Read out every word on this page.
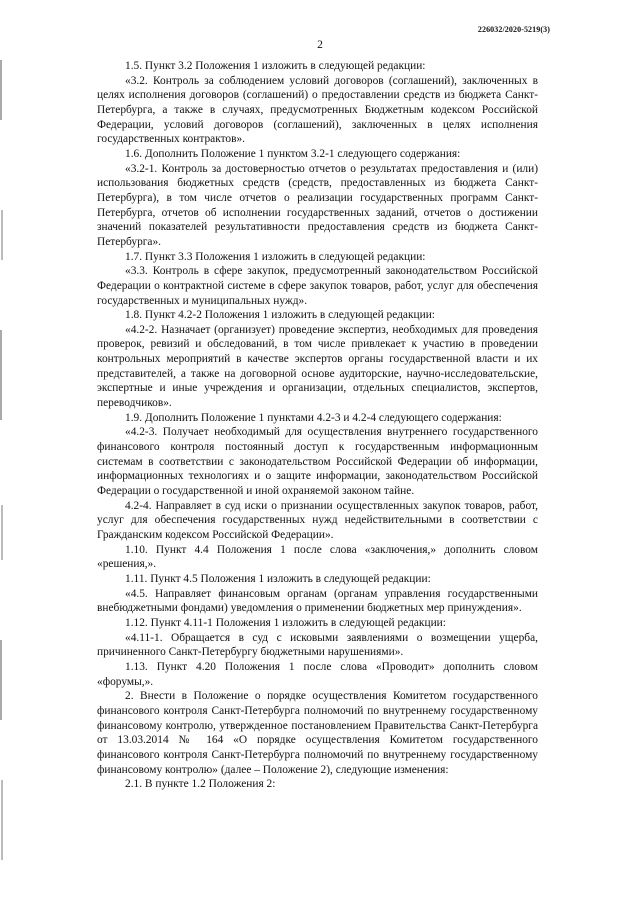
226032/2020-5219(3)
2

1.5. Пункт 3.2 Положения 1 изложить в следующей редакции:

«3.2. Контроль за соблюдением условий договоров (соглашений), заключенных в целях исполнения договоров (соглашений) о предоставлении средств из бюджета Санкт-Петербурга, а также в случаях, предусмотренных Бюджетным кодексом Российской Федерации, условий договоров (соглашений), заключенных в целях исполнения государственных контрактов».

1.6. Дополнить Положение 1 пунктом 3.2-1 следующего содержания:

«3.2-1. Контроль за достоверностью отчетов о результатах предоставления и (или) использования бюджетных средств (средств, предоставленных из бюджета Санкт-Петербурга), в том числе отчетов о реализации государственных программ Санкт-Петербурга, отчетов об исполнении государственных заданий, отчетов о достижении значений показателей результативности предоставления средств из бюджета Санкт-Петербурга».

1.7. Пункт 3.3 Положения 1 изложить в следующей редакции:

«3.3. Контроль в сфере закупок, предусмотренный законодательством Российской Федерации о контрактной системе в сфере закупок товаров, работ, услуг для обеспечения государственных и муниципальных нужд».

1.8. Пункт 4.2-2 Положения 1 изложить в следующей редакции:

«4.2-2. Назначает (организует) проведение экспертиз, необходимых для проведения проверок, ревизий и обследований, в том числе привлекает к участию в проведении контрольных мероприятий в качестве экспертов органы государственной власти и их представителей, а также на договорной основе аудиторские, научно-исследовательские, экспертные и иные учреждения и организации, отдельных специалистов, экспертов, переводчиков».

1.9. Дополнить Положение 1 пунктами 4.2-3 и 4.2-4 следующего содержания:

«4.2-3. Получает необходимый для осуществления внутреннего государственного финансового контроля постоянный доступ к государственным информационным системам в соответствии с законодательством Российской Федерации об информации, информационных технологиях и о защите информации, законодательством Российской Федерации о государственной и иной охраняемой законом тайне.

4.2-4. Направляет в суд иски о признании осуществленных закупок товаров, работ, услуг для обеспечения государственных нужд недействительными в соответствии с Гражданским кодексом Российской Федерации».

1.10. Пункт 4.4 Положения 1 после слова «заключения,» дополнить словом «решения,».

1.11. Пункт 4.5 Положения 1 изложить в следующей редакции:

«4.5. Направляет финансовым органам (органам управления государственными внебюджетными фондами) уведомления о применении бюджетных мер принуждения».

1.12. Пункт 4.11-1 Положения 1 изложить в следующей редакции:

«4.11-1. Обращается в суд с исковыми заявлениями о возмещении ущерба, причиненного Санкт-Петербургу бюджетными нарушениями».

1.13. Пункт 4.20 Положения 1 после слова «Проводит» дополнить словом «форумы,».

2. Внести в Положение о порядке осуществления Комитетом государственного финансового контроля Санкт-Петербурга полномочий по внутреннему государственному финансовому контролю, утвержденное постановлением Правительства Санкт-Петербурга от 13.03.2014 № 164 «О порядке осуществления Комитетом государственного финансового контроля Санкт-Петербурга полномочий по внутреннему государственному финансовому контролю» (далее – Положение 2), следующие изменения:

2.1. В пункте 1.2 Положения 2:
